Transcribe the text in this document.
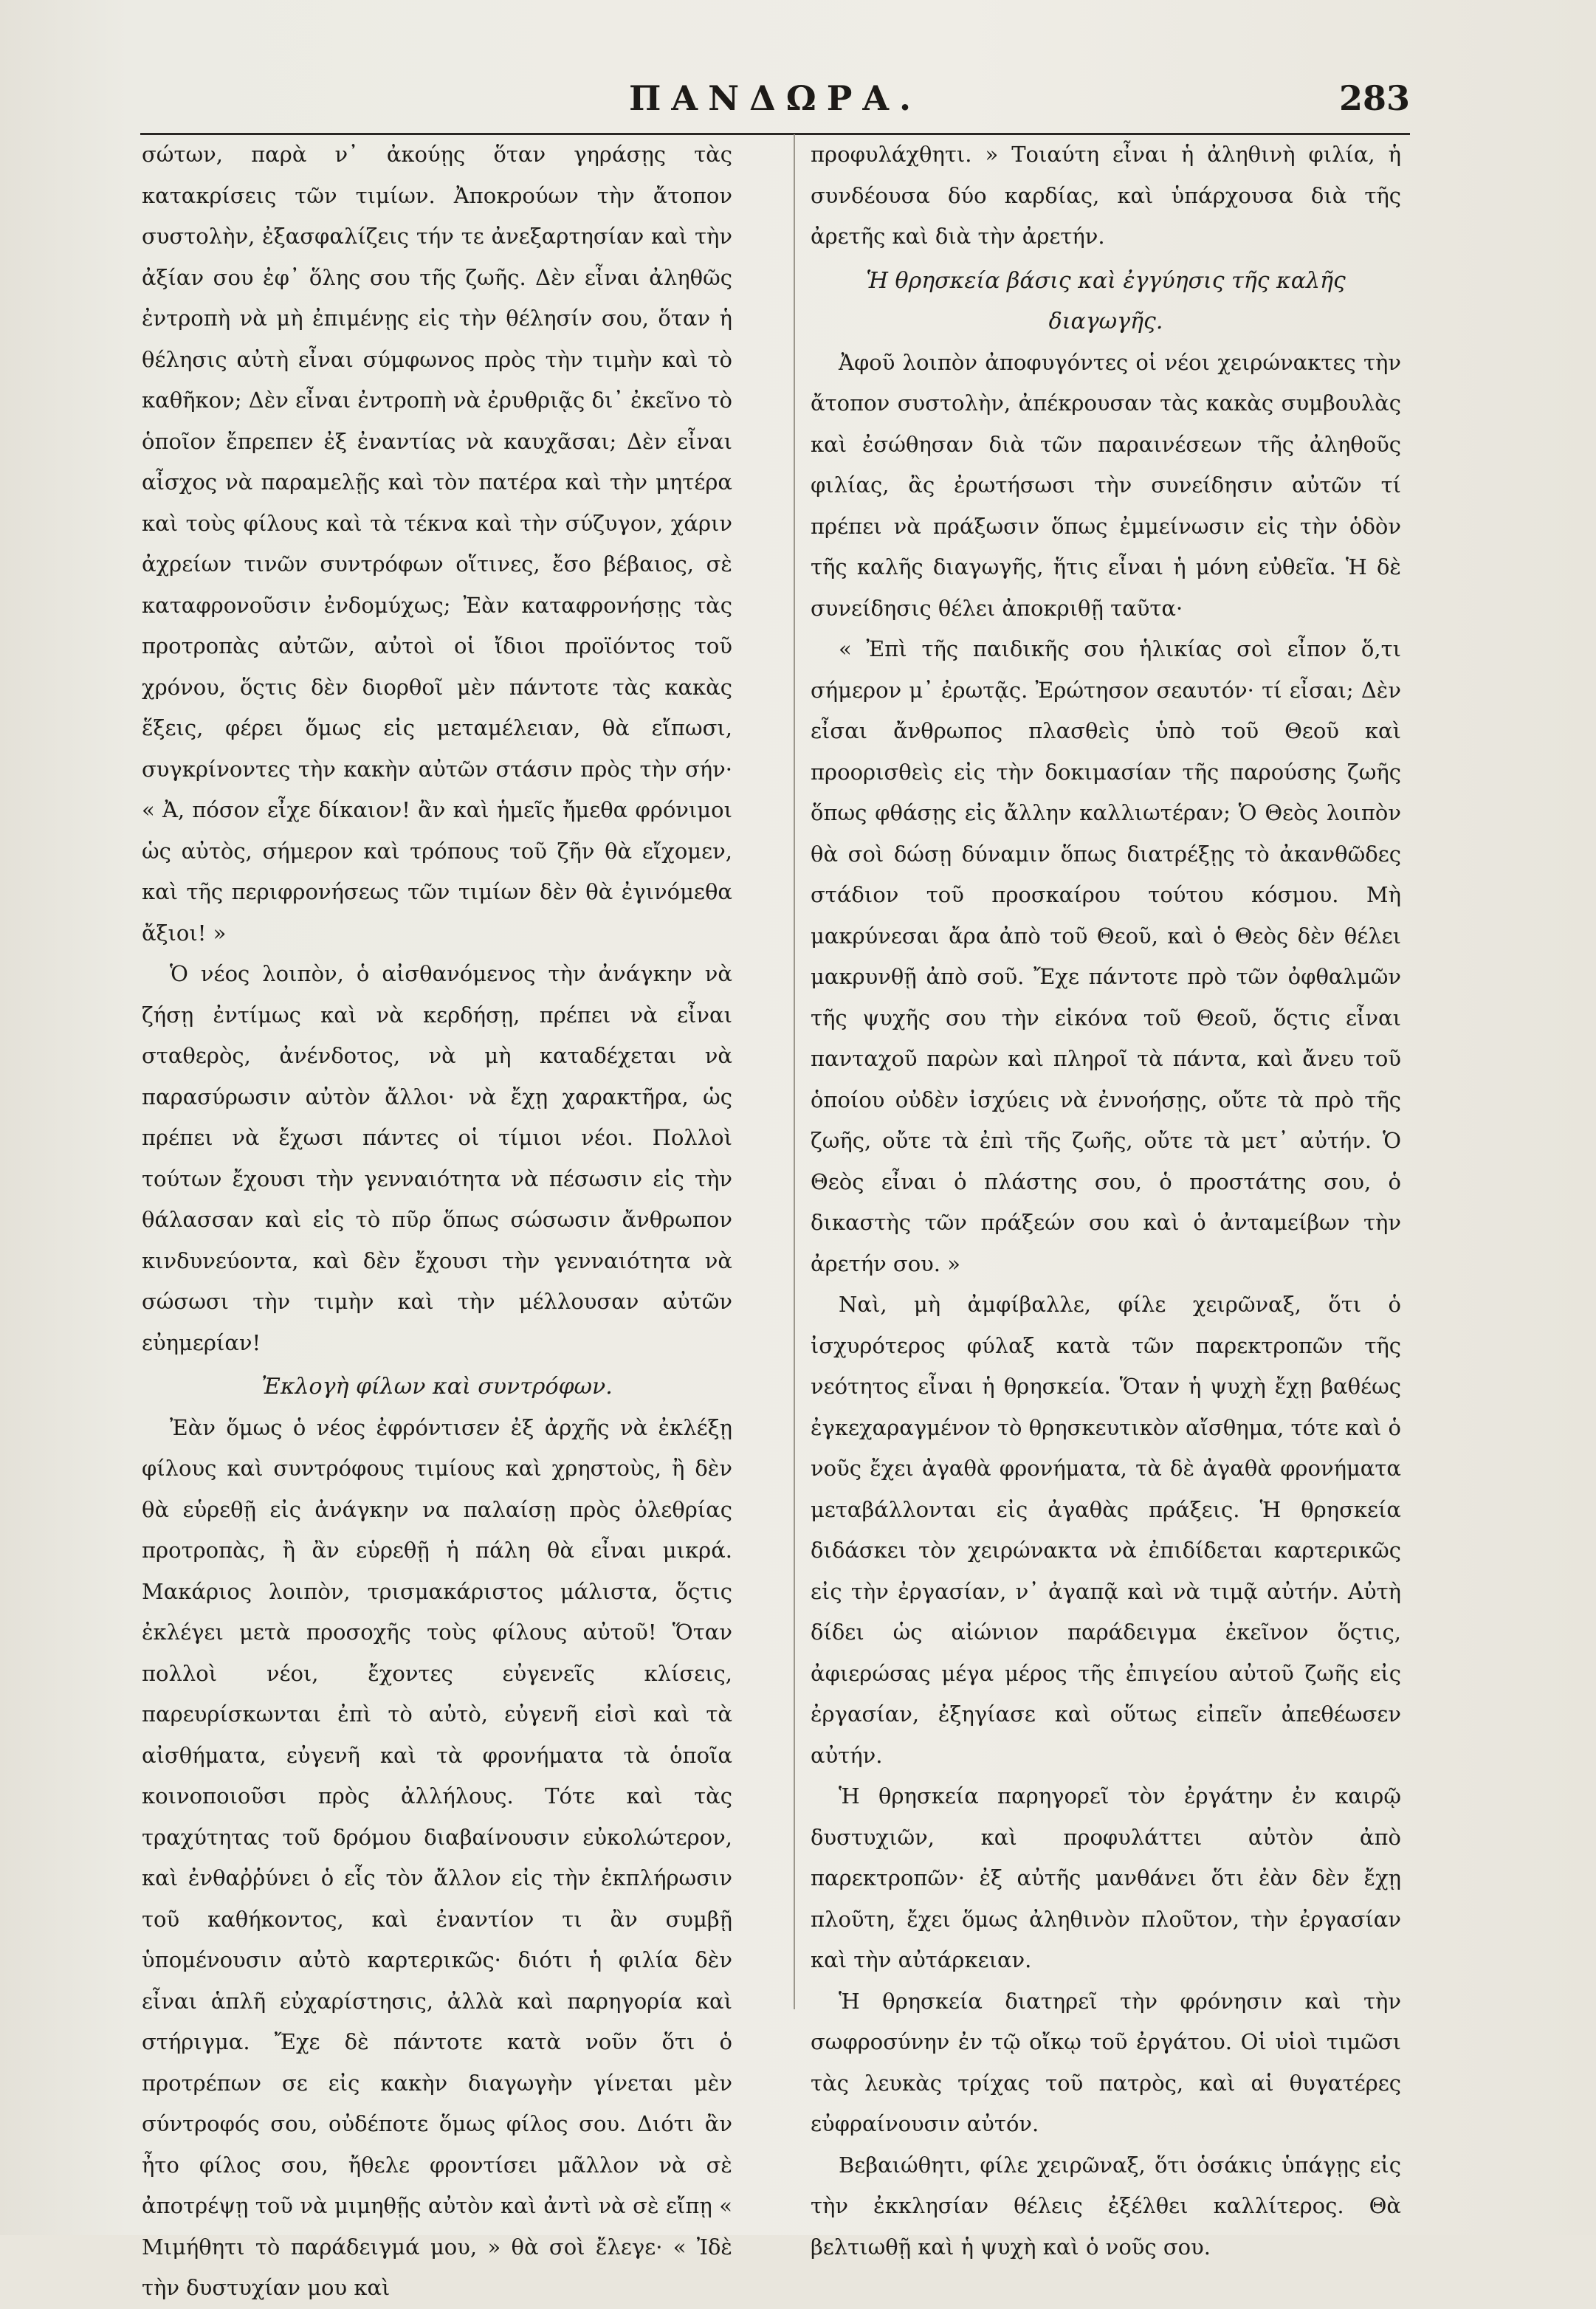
ΠΑΝΔΩΡΑ.	283

σώτων, παρὰ ν᾿ ἀκούῃς ὅταν γηράσῃς τὰς κατακρίσεις τῶν τιμίων. Ἀποκρούων τὴν ἄτοπον συστολὴν, ἐξασφαλίζεις τήν τε ἀνεξαρτησίαν καὶ τὴν ἀξίαν σου ἐφ᾿ ὅλης σου τῆς ζωῆς. Δὲν εἶναι ἀληθῶς ἐντροπὴ νὰ μὴ ἐπιμένῃς εἰς τὴν θέλησίν σου, ὅταν ἡ θέλησις αὐτὴ εἶναι σύμφωνος πρὸς τὴν τιμὴν καὶ τὸ καθῆκον; Δὲν εἶναι ἐντροπὴ νὰ ἐρυθριᾷς δι᾿ ἐκεῖνο τὸ ὁποῖον ἔπρεπεν ἐξ ἐναντίας νὰ καυχᾶσαι; Δὲν εἶναι αἶσχος νὰ παραμελῇς καὶ τὸν πατέρα καὶ τὴν μητέρα καὶ τοὺς φίλους καὶ τὰ τέκνα καὶ τὴν σύζυγον, χάριν ἀχρείων τινῶν συντρόφων οἵτινες, ἔσο βέβαιος, σὲ καταφρονοῦσιν ἐνδομύχως; Ἐὰν καταφρονήσῃς τὰς προτροπὰς αὐτῶν, αὐτοὶ οἱ ἴδιοι προϊόντος τοῦ χρόνου, ὅςτις δὲν διορθοῖ μὲν πάντοτε τὰς κακὰς ἕξεις, φέρει ὅμως εἰς μεταμέλειαν, θὰ εἴπωσι, συγκρίνοντες τὴν κακὴν αὐτῶν στάσιν πρὸς τὴν σήν· « Ἀ, πόσον εἶχε δίκαιον! ἂν καὶ ἡμεῖς ἤμεθα φρόνιμοι ὡς αὐτὸς, σήμερον καὶ τρόπους τοῦ ζῆν θὰ εἴχομεν, καὶ τῆς περιφρονήσεως τῶν τιμίων δὲν θὰ ἐγινόμεθα ἄξιοι! »

Ὁ νέος λοιπὸν, ὁ αἰσθανόμενος τὴν ἀνάγκην νὰ ζήσῃ ἐντίμως καὶ νὰ κερδήσῃ, πρέπει νὰ εἶναι σταθερὸς, ἀνένδοτος, νὰ μὴ καταδέχεται νὰ παρασύρωσιν αὐτὸν ἄλλοι· νὰ ἔχῃ χαρακτῆρα, ὡς πρέπει νὰ ἔχωσι πάντες οἱ τίμιοι νέοι. Πολλοὶ τούτων ἔχουσι τὴν γενναιότητα νὰ πέσωσιν εἰς τὴν θάλασσαν καὶ εἰς τὸ πῦρ ὅπως σώσωσιν ἄνθρωπον κινδυνεύοντα, καὶ δὲν ἔχουσι τὴν γενναιότητα νὰ σώσωσι τὴν τιμὴν καὶ τὴν μέλλουσαν αὐτῶν εὐημερίαν!

Ἐκλογὴ φίλων καὶ συντρόφων.

Ἐὰν ὅμως ὁ νέος ἐφρόντισεν ἐξ ἀρχῆς νὰ ἐκλέξῃ φίλους καὶ συντρόφους τιμίους καὶ χρηστοὺς, ἢ δὲν θὰ εὑρεθῇ εἰς ἀνάγκην να παλαίσῃ πρὸς ὀλεθρίας προτροπὰς, ἢ ἂν εὑρεθῇ ἡ πάλη θὰ εἶναι μικρά. Μακάριος λοιπὸν, τρισμακάριστος μάλιστα, ὅςτις ἐκλέγει μετὰ προσοχῆς τοὺς φίλους αὐτοῦ! Ὅταν πολλοὶ νέοι, ἔχοντες εὐγενεῖς κλίσεις, παρευρίσκωνται ἐπὶ τὸ αὐτὸ, εὐγενῆ εἰσὶ καὶ τὰ αἰσθήματα, εὐγενῆ καὶ τὰ φρονήματα τὰ ὁποῖα κοινοποιοῦσι πρὸς ἀλλήλους. Τότε καὶ τὰς τραχύτητας τοῦ δρόμου διαβαίνουσιν εὐκολώτερον, καὶ ἐνθαῤῥύνει ὁ εἷς τὸν ἄλλον εἰς τὴν ἐκπλήρωσιν τοῦ καθήκοντος, καὶ ἐναντίον τι ἂν συμβῇ ὑπομένουσιν αὐτὸ καρτερικῶς· διότι ἡ φιλία δὲν εἶναι ἁπλῆ εὐχαρίστησις, ἀλλὰ καὶ παρηγορία καὶ στήριγμα. Ἔχε δὲ πάντοτε κατὰ νοῦν ὅτι ὁ προτρέπων σε εἰς κακὴν διαγωγὴν γίνεται μὲν σύντροφός σου, οὐδέποτε ὅμως φίλος σου. Διότι ἂν ἦτο φίλος σου, ἤθελε φροντίσει μᾶλλον νὰ σὲ ἀποτρέψῃ τοῦ νὰ μιμηθῇς αὐτὸν καὶ ἀντὶ νὰ σὲ εἴπῃ « Μιμήθητι τὸ παράδειγμά μου, » θὰ σοὶ ἔλεγε· « Ἰδὲ τὴν δυστυχίαν μου καὶ

προφυλάχθητι. » Τοιαύτη εἶναι ἡ ἀληθινὴ φιλία, ἡ συνδέουσα δύο καρδίας, καὶ ὑπάρχουσα διὰ τῆς ἀρετῆς καὶ διὰ τὴν ἀρετήν.

Ἡ θρησκεία βάσις καὶ ἐγγύησις τῆς καλῆς διαγωγῆς.

Ἀφοῦ λοιπὸν ἀποφυγόντες οἱ νέοι χειρώνακτες τὴν ἄτοπον συστολὴν, ἀπέκρουσαν τὰς κακὰς συμβουλὰς καὶ ἐσώθησαν διὰ τῶν παραινέσεων τῆς ἀληθοῦς φιλίας, ἂς ἐρωτήσωσι τὴν συνείδησιν αὐτῶν τί πρέπει νὰ πράξωσιν ὅπως ἐμμείνωσιν εἰς τὴν ὁδὸν τῆς καλῆς διαγωγῆς, ἥτις εἶναι ἡ μόνη εὐθεῖα. Ἡ δὲ συνείδησις θέλει ἀποκριθῇ ταῦτα·

« Ἐπὶ τῆς παιδικῆς σου ἡλικίας σοὶ εἶπον ὅ,τι σήμερον μ᾿ ἐρωτᾷς. Ἐρώτησον σεαυτόν· τί εἶσαι; Δὲν εἶσαι ἄνθρωπος πλασθεὶς ὑπὸ τοῦ Θεοῦ καὶ προορισθεὶς εἰς τὴν δοκιμασίαν τῆς παρούσης ζωῆς ὅπως φθάσῃς εἰς ἄλλην καλλιωτέραν; Ὁ Θεὸς λοιπὸν θὰ σοὶ δώσῃ δύναμιν ὅπως διατρέξῃς τὸ ἀκανθῶδες στάδιον τοῦ προσκαίρου τούτου κόσμου. Μὴ μακρύνεσαι ἄρα ἀπὸ τοῦ Θεοῦ, καὶ ὁ Θεὸς δὲν θέλει μακρυνθῇ ἀπὸ σοῦ. Ἔχε πάντοτε πρὸ τῶν ὀφθαλμῶν τῆς ψυχῆς σου τὴν εἰκόνα τοῦ Θεοῦ, ὅςτις εἶναι πανταχοῦ παρὼν καὶ πληροῖ τὰ πάντα, καὶ ἄνευ τοῦ ὁποίου οὐδὲν ἰσχύεις νὰ ἐννοήσῃς, οὔτε τὰ πρὸ τῆς ζωῆς, οὔτε τὰ ἐπὶ τῆς ζωῆς, οὔτε τὰ μετ᾿ αὐτήν. Ὁ Θεὸς εἶναι ὁ πλάστης σου, ὁ προστάτης σου, ὁ δικαστὴς τῶν πράξεών σου καὶ ὁ ἀνταμείβων τὴν ἀρετήν σου. »

Ναὶ, μὴ ἀμφίβαλλε, φίλε χειρῶναξ, ὅτι ὁ ἰσχυρότερος φύλαξ κατὰ τῶν παρεκτροπῶν τῆς νεότητος εἶναι ἡ θρησκεία. Ὅταν ἡ ψυχὴ ἔχῃ βαθέως ἐγκεχαραγμένον τὸ θρησκευτικὸν αἴσθημα, τότε καὶ ὁ νοῦς ἔχει ἀγαθὰ φρονήματα, τὰ δὲ ἀγαθὰ φρονήματα μεταβάλλονται εἰς ἀγαθὰς πράξεις. Ἡ θρησκεία διδάσκει τὸν χειρώνακτα νὰ ἐπιδίδεται καρτερικῶς εἰς τὴν ἐργασίαν, ν᾿ ἀγαπᾷ καὶ νὰ τιμᾷ αὐτήν. Αὐτὴ δίδει ὡς αἰώνιον παράδειγμα ἐκεῖνον ὅςτις, ἀφιερώσας μέγα μέρος τῆς ἐπιγείου αὐτοῦ ζωῆς εἰς ἐργασίαν, ἐξηγίασε καὶ οὕτως εἰπεῖν ἀπεθέωσεν αὐτήν.

Ἡ θρησκεία παρηγορεῖ τὸν ἐργάτην ἐν καιρῷ δυστυχιῶν, καὶ προφυλάττει αὐτὸν ἀπὸ παρεκτροπῶν· ἐξ αὐτῆς μανθάνει ὅτι ἐὰν δὲν ἔχῃ πλοῦτη, ἔχει ὅμως ἀληθινὸν πλοῦτον, τὴν ἐργασίαν καὶ τὴν αὐτάρκειαν.

Ἡ θρησκεία διατηρεῖ τὴν φρόνησιν καὶ τὴν σωφροσύνην ἐν τῷ οἴκῳ τοῦ ἐργάτου. Οἱ υἱοὶ τιμῶσι τὰς λευκὰς τρίχας τοῦ πατρὸς, καὶ αἱ θυγατέρες εὐφραίνουσιν αὐτόν.

Βεβαιώθητι, φίλε χειρῶναξ, ὅτι ὁσάκις ὑπάγῃς εἰς τὴν ἐκκλησίαν θέλεις ἐξέλθει καλλίτερος. Θὰ βελτιωθῇ καὶ ἡ ψυχὴ καὶ ὁ νοῦς σου.
